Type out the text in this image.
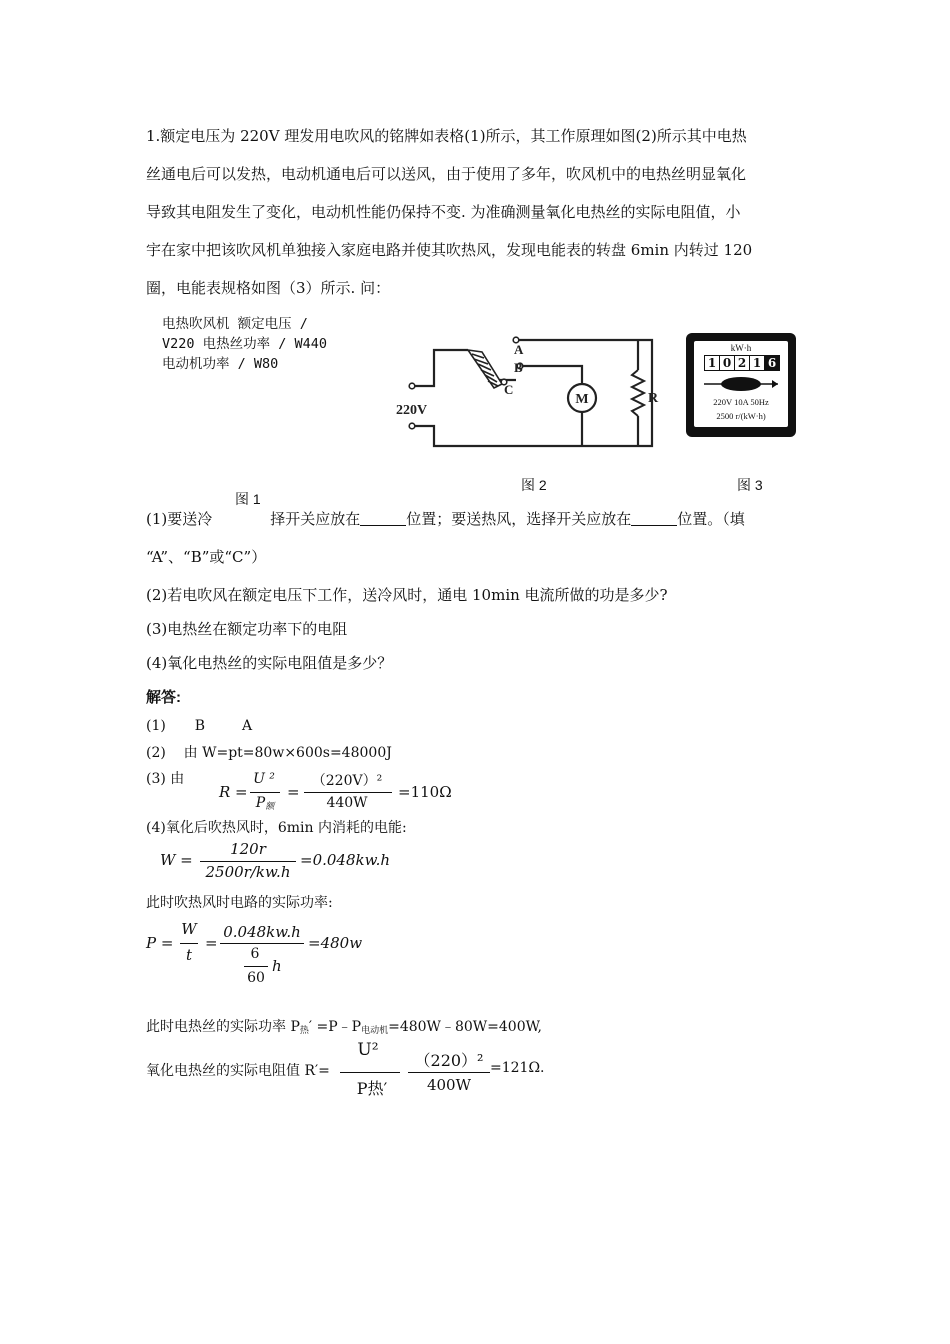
1.额定电压为 220V 理发用电吹风的铭牌如表格(1)所示，其工作原理如图(2)所示其中电热
丝通电后可以发热，电动机通电后可以送风，由于使用了多年，吹风机中的电热丝明显氧化
导致其电阻发生了变化，电动机性能仍保持不变. 为准确测量氧化电热丝的实际电阻值，小
宇在家中把该吹风机单独接入家庭电路并使其吹热风，发现电能表的转盘 6min 内转过 120
圈，电能表规格如图（3）所示. 问：
电热吹风机 额定电压 /
V220 电热丝功率 / W440
电动机功率 / W80
M	R
A
B
C
220V
kW·h
1 0 2 1 6
220V 10A 50Hz
2500 r/(kW·h)
图 2	图 3
图 1
(1)要送冷	择开关应放在	位置；要送热风，选择开关应放在	位置。（填
“A”、“B”或“C”）
(2)若电吹风在额定电压下工作，送冷风时，通电 10min 电流所做的功是多少?
(3)电热丝在额定功率下的电阻
(4)氧化电热丝的实际电阻值是多少？
解答:
(1) B	A
(2)    由 W=pt=80w×600s=48000J
(3) 由
R =
U ²
$P_额$
=
（220V）²
440W
=110Ω
(4)氧化后吹热风时，6min 内消耗的电能:
W =
120r
2500r/kw.h
=0.048kw.h
此时吹热风时电路的实际功率:
P =
W
t
=
0.048kw.h
6
60
h
=480w
此时电热丝的实际功率 $P_热'$ $=P﹣P_{电动机}=480W﹣80W=400W$,
氧化电热丝的实际电阻值 R′=
U²
P热′
（220）²
400W
=121Ω.
